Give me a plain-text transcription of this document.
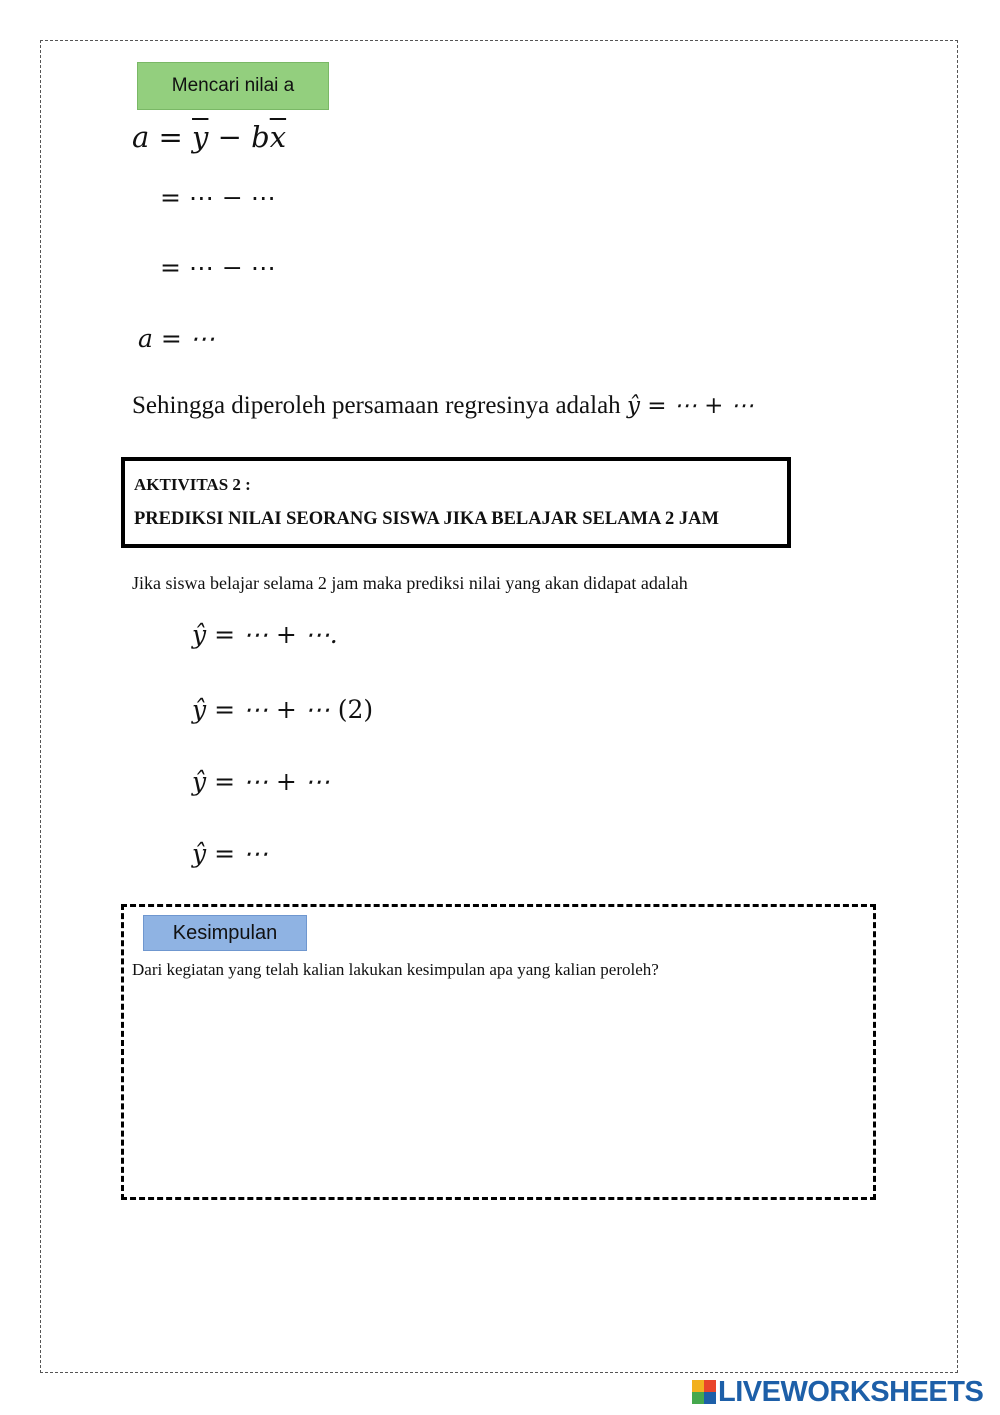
Mencari nilai a
$a = \overline{y} - b\overline{x}$
= ⋯ − ⋯
= ⋯ − ⋯
a = ⋯
Sehingga diperoleh persamaan regresinya adalah ŷ = ⋯ + ⋯
AKTIVITAS 2 :
PREDIKSI NILAI SEORANG SISWA JIKA BELAJAR SELAMA 2 JAM
Jika siswa belajar selama 2 jam maka prediksi nilai yang akan didapat adalah
ŷ = ⋯ + ⋯.
ŷ = ⋯ + ⋯ (2)
ŷ = ⋯ + ⋯
ŷ = ⋯
Kesimpulan
Dari kegiatan yang telah kalian lakukan kesimpulan apa yang kalian peroleh?
LIVEWORKSHEETS
